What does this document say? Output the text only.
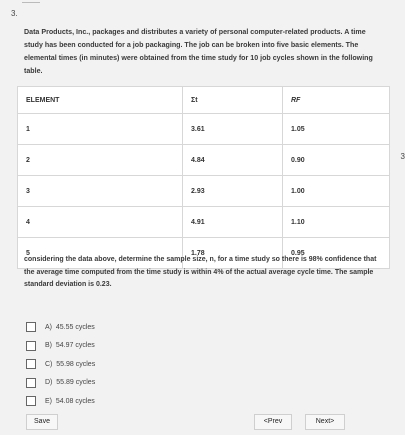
3.
3
Data Products, Inc., packages and distributes a variety of personal computer-related products. A time study has been conducted for a job packaging. The job can be broken into five basic elements. The elemental times (in minutes) were obtained from the time study for 10 job cycles shown in the following table.
ELEMENT	Σt	RF
1	3.61	1.05
2	4.84	0.90
3	2.93	1.00
4	4.91	1.10
5	1.78	0.95
considering the data above, determine the sample size, n, for a time study so there is 98% confidence that the average time computed from the time study is within 4% of the actual average cycle time. The sample standard deviation is 0.23.
A)
45.55 cycles
B)
54.97 cycles
C)
55.98 cycles
D)
55.89 cycles
E)
54.08 cycles
Save	<Prev	Next>
